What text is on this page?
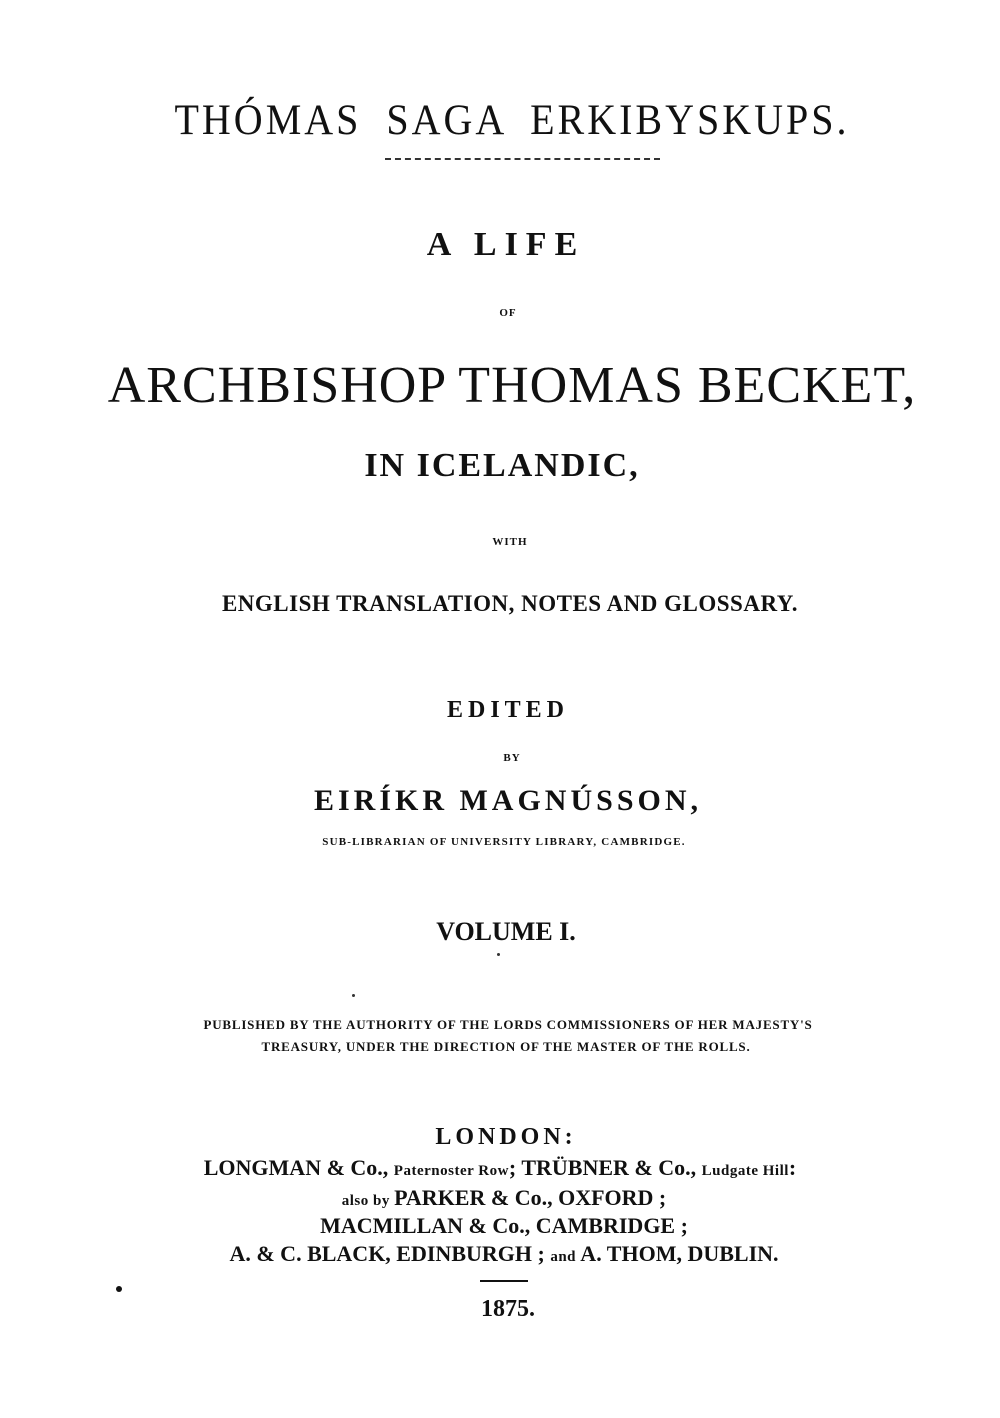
THÓMAS SAGA ERKIBYSKUPS.
A LIFE
OF
ARCHBISHOP THOMAS BECKET,
IN ICELANDIC,
WITH
ENGLISH TRANSLATION, NOTES AND GLOSSARY.
EDITED
BY
EIRÍKR MAGNÚSSON,
SUB-LIBRARIAN OF UNIVERSITY LIBRARY, CAMBRIDGE.
VOLUME I.
PUBLISHED BY THE AUTHORITY OF THE LORDS COMMISSIONERS OF HER MAJESTY'S
TREASURY, UNDER THE DIRECTION OF THE MASTER OF THE ROLLS.
LONDON:
LONGMAN & Co., Paternoster Row; TRÜBNER & Co., Ludgate Hill:
also by PARKER & Co., OXFORD ;
MACMILLAN & Co., CAMBRIDGE ;
A. & C. BLACK, EDINBURGH ; and A. THOM, DUBLIN.
1875.
